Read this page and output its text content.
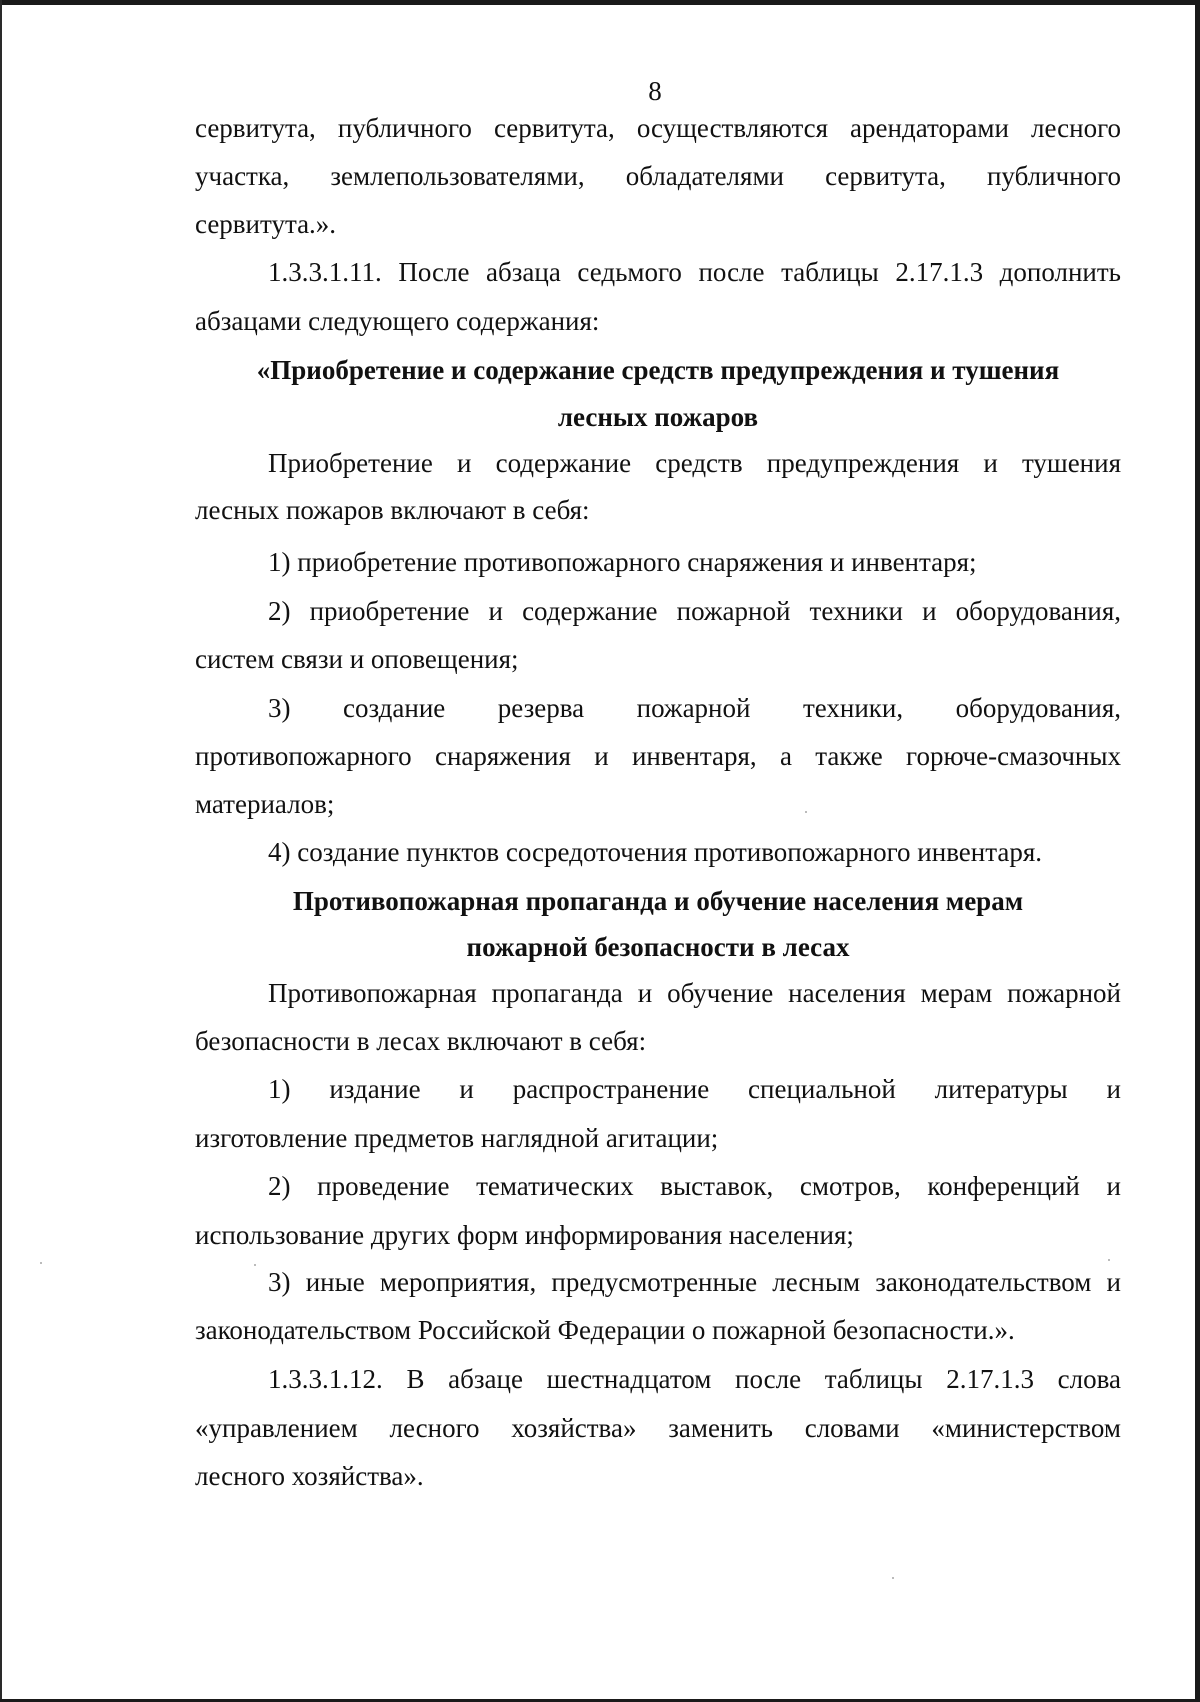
8
сервитута, публичного сервитута, осуществляются арендаторами лесного
участка, землепользователями, обладателями сервитута, публичного
сервитута.».
1.3.3.1.11. После абзаца седьмого после таблицы 2.17.1.3 дополнить
абзацами следующего содержания:
«Приобретение и содержание средств предупреждения и тушения
лесных пожаров
Приобретение и содержание средств предупреждения и тушения
лесных пожаров включают в себя:
1) приобретение противопожарного снаряжения и инвентаря;
2) приобретение и содержание пожарной техники и оборудования,
систем связи и оповещения;
3) создание резерва пожарной техники, оборудования,
противопожарного снаряжения и инвентаря, а также горюче-смазочных
материалов;
4) создание пунктов сосредоточения противопожарного инвентаря.
Противопожарная пропаганда и обучение населения мерам
пожарной безопасности в лесах
Противопожарная пропаганда и обучение населения мерам пожарной
безопасности в лесах включают в себя:
1) издание и распространение специальной литературы и
изготовление предметов наглядной агитации;
2) проведение тематических выставок, смотров, конференций и
использование других форм информирования населения;
3) иные мероприятия, предусмотренные лесным законодательством и
законодательством Российской Федерации о пожарной безопасности.».
1.3.3.1.12. В абзаце шестнадцатом после таблицы 2.17.1.3 слова
«управлением лесного хозяйства» заменить словами «министерством
лесного хозяйства».
